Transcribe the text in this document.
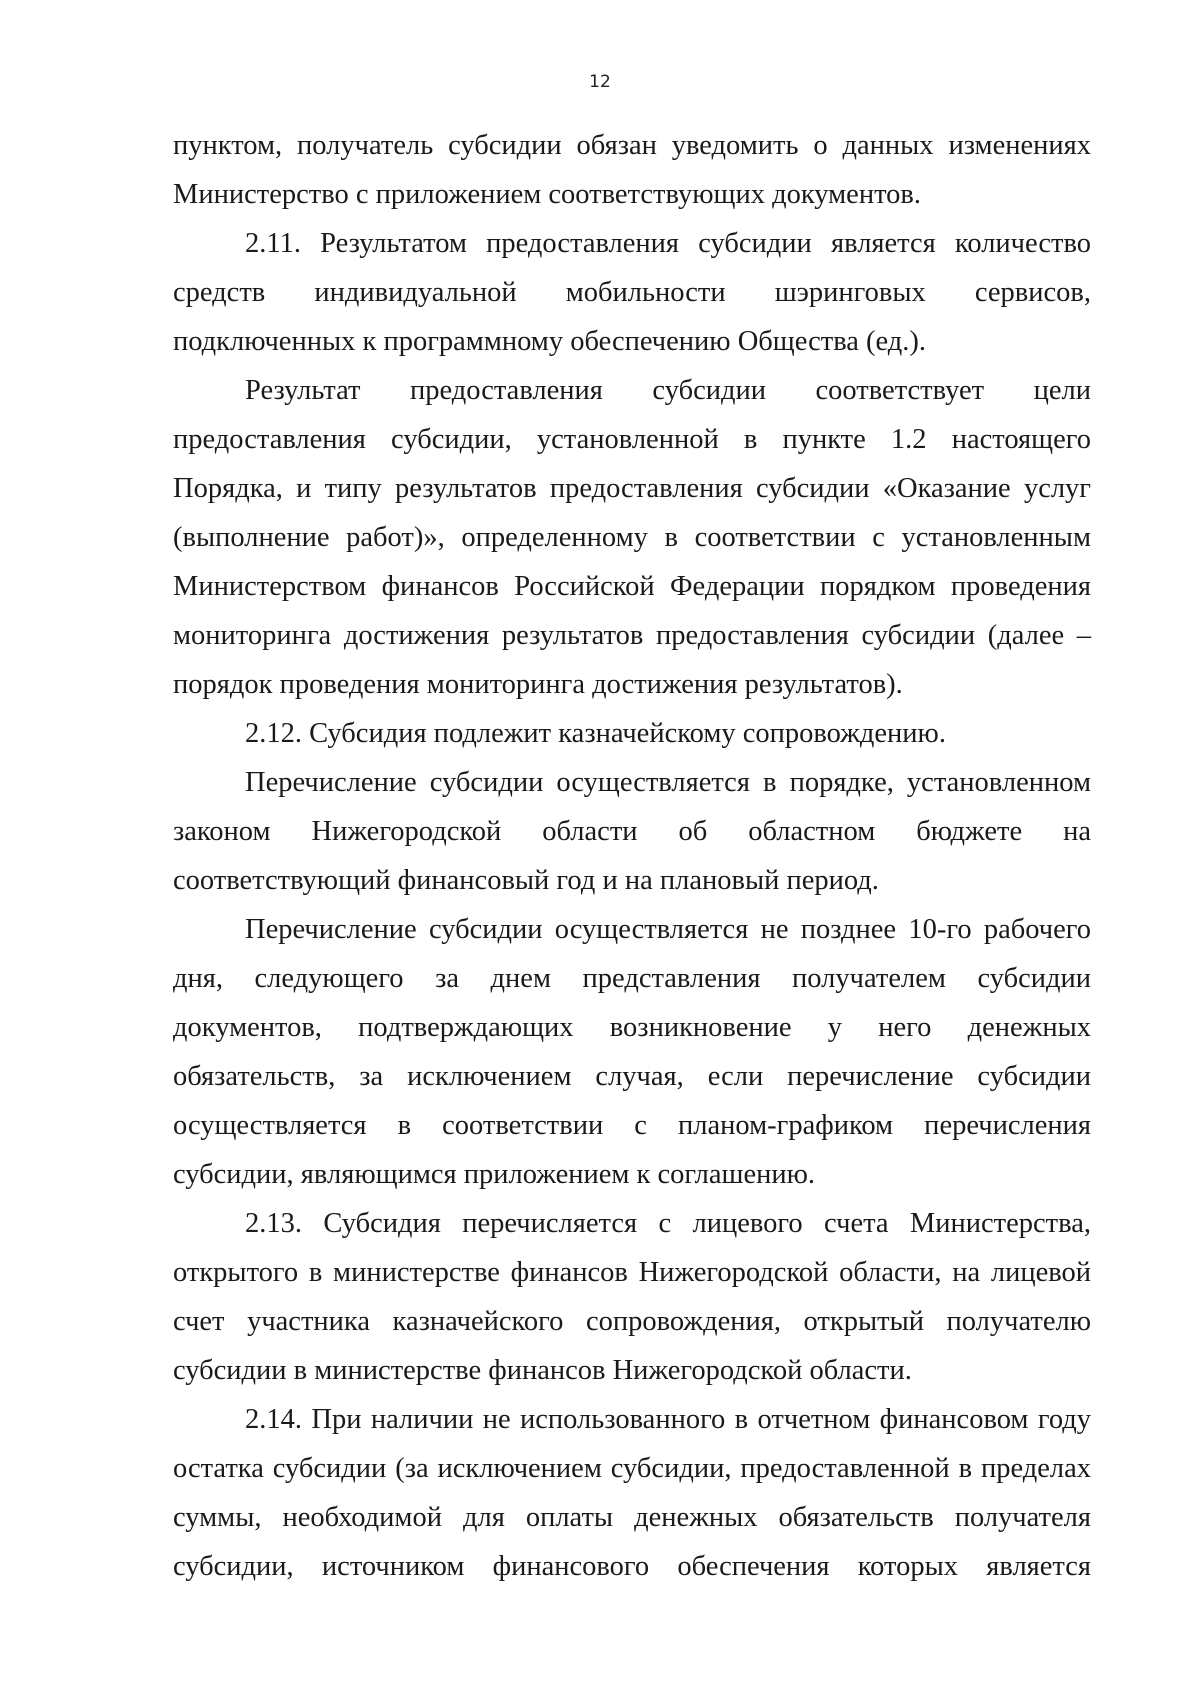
12

пунктом, получатель субсидии обязан уведомить о данных изменениях Министерство с приложением соответствующих документов.

2.11. Результатом предоставления субсидии является количество средств индивидуальной мобильности шэринговых сервисов, подключенных к программному обеспечению Общества (ед.).

Результат предоставления субсидии соответствует цели предоставления субсидии, установленной в пункте 1.2 настоящего Порядка, и типу результатов предоставления субсидии «Оказание услуг (выполнение работ)», определенному в соответствии с установленным Министерством финансов Российской Федерации порядком проведения мониторинга достижения результатов предоставления субсидии (далее – порядок проведения мониторинга достижения результатов).

2.12. Субсидия подлежит казначейскому сопровождению.

Перечисление субсидии осуществляется в порядке, установленном законом Нижегородской области об областном бюджете на соответствующий финансовый год и на плановый период.

Перечисление субсидии осуществляется не позднее 10-го рабочего дня, следующего за днем представления получателем субсидии документов, подтверждающих возникновение у него денежных обязательств, за исключением случая, если перечисление субсидии осуществляется в соответствии с планом-графиком перечисления субсидии, являющимся приложением к соглашению.

2.13. Субсидия перечисляется с лицевого счета Министерства, открытого в министерстве финансов Нижегородской области, на лицевой счет участника казначейского сопровождения, открытый получателю субсидии в министерстве финансов Нижегородской области.

2.14. При наличии не использованного в отчетном финансовом году остатка субсидии (за исключением субсидии, предоставленной в пределах суммы, необходимой для оплаты денежных обязательств получателя субсидии, источником финансового обеспечения которых является
